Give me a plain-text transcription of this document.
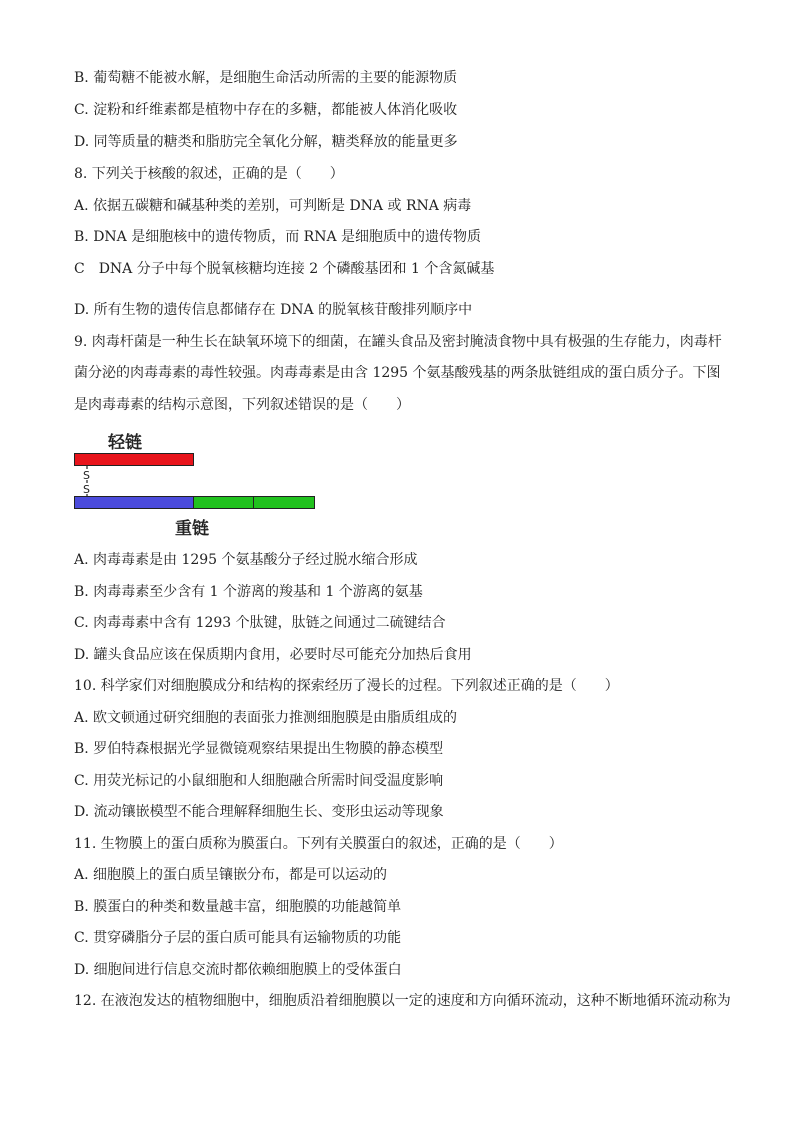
B. 葡萄糖不能被水解，是细胞生命活动所需的主要的能源物质
C. 淀粉和纤维素都是植物中存在的多糖，都能被人体消化吸收
D. 同等质量的糖类和脂肪完全氧化分解，糖类释放的能量更多
8. 下列关于核酸的叙述，正确的是（　　）
A. 依据五碳糖和碱基种类的差别，可判断是 DNA 或 RNA 病毒
B. DNA 是细胞核中的遗传物质，而 RNA 是细胞质中的遗传物质
C　DNA 分子中每个脱氧核糖均连接 2 个磷酸基团和 1 个含氮碱基
D. 所有生物的遗传信息都储存在 DNA 的脱氧核苷酸排列顺序中
9. 肉毒杆菌是一种生长在缺氧环境下的细菌，在罐头食品及密封腌渍食物中具有极强的生存能力，肉毒杆
菌分泌的肉毒毒素的毒性较强。肉毒毒素是由含 1295 个氨基酸残基的两条肽链组成的蛋白质分子。下图
是肉毒毒素的结构示意图，下列叙述错误的是（　　）
轻链
S
S
重链
A. 肉毒毒素是由 1295 个氨基酸分子经过脱水缩合形成
B. 肉毒毒素至少含有 1 个游离的羧基和 1 个游离的氨基
C. 肉毒毒素中含有 1293 个肽键，肽链之间通过二硫键结合
D. 罐头食品应该在保质期内食用，必要时尽可能充分加热后食用
10. 科学家们对细胞膜成分和结构的探索经历了漫长的过程。下列叙述正确的是（　　）
A. 欧文顿通过研究细胞的表面张力推测细胞膜是由脂质组成的
B. 罗伯特森根据光学显微镜观察结果提出生物膜的静态模型
C. 用荧光标记的小鼠细胞和人细胞融合所需时间受温度影响
D. 流动镶嵌模型不能合理解释细胞生长、变形虫运动等现象
11. 生物膜上的蛋白质称为膜蛋白。下列有关膜蛋白的叙述，正确的是（　　）
A. 细胞膜上的蛋白质呈镶嵌分布，都是可以运动的
B. 膜蛋白的种类和数量越丰富，细胞膜的功能越简单
C. 贯穿磷脂分子层的蛋白质可能具有运输物质的功能
D. 细胞间进行信息交流时都依赖细胞膜上的受体蛋白
12. 在液泡发达的植物细胞中，细胞质沿着细胞膜以一定的速度和方向循环流动，这种不断地循环流动称为
